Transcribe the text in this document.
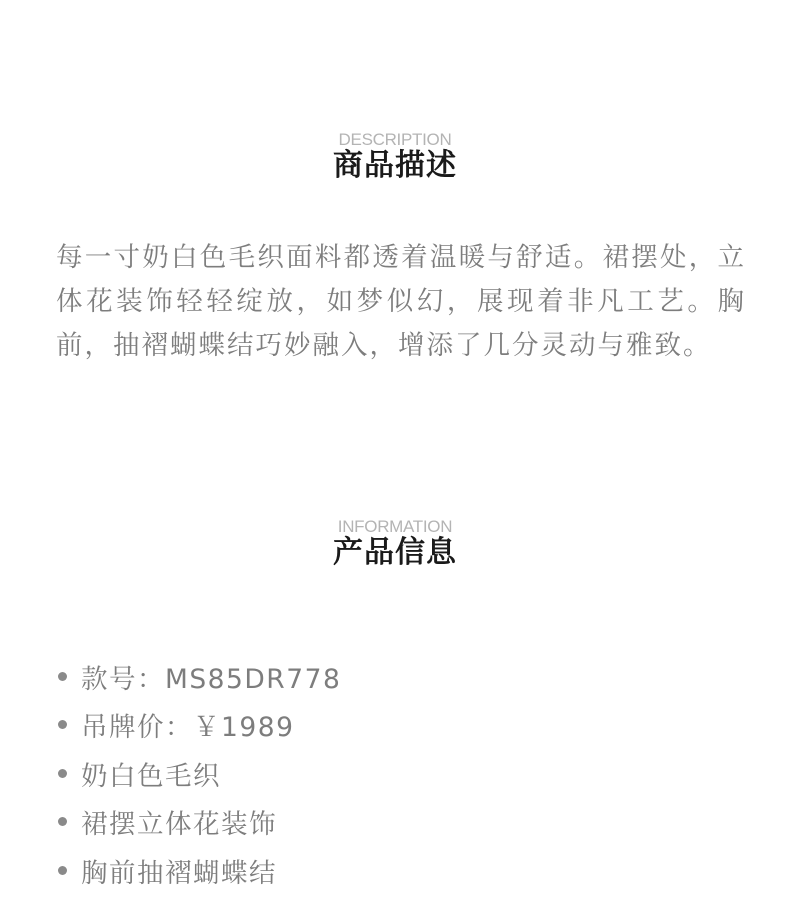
DESCRIPTION
商品描述
每一寸奶白色毛织面料都透着温暖与舒适。裙摆处，立体花装饰轻轻绽放，如梦似幻，展现着非凡工艺。胸前，抽褶蝴蝶结巧妙融入，增添了几分灵动与雅致。
INFORMATION
产品信息
款号：MS85DR778
吊牌价：￥1989
奶白色毛织
裙摆立体花装饰
胸前抽褶蝴蝶结
